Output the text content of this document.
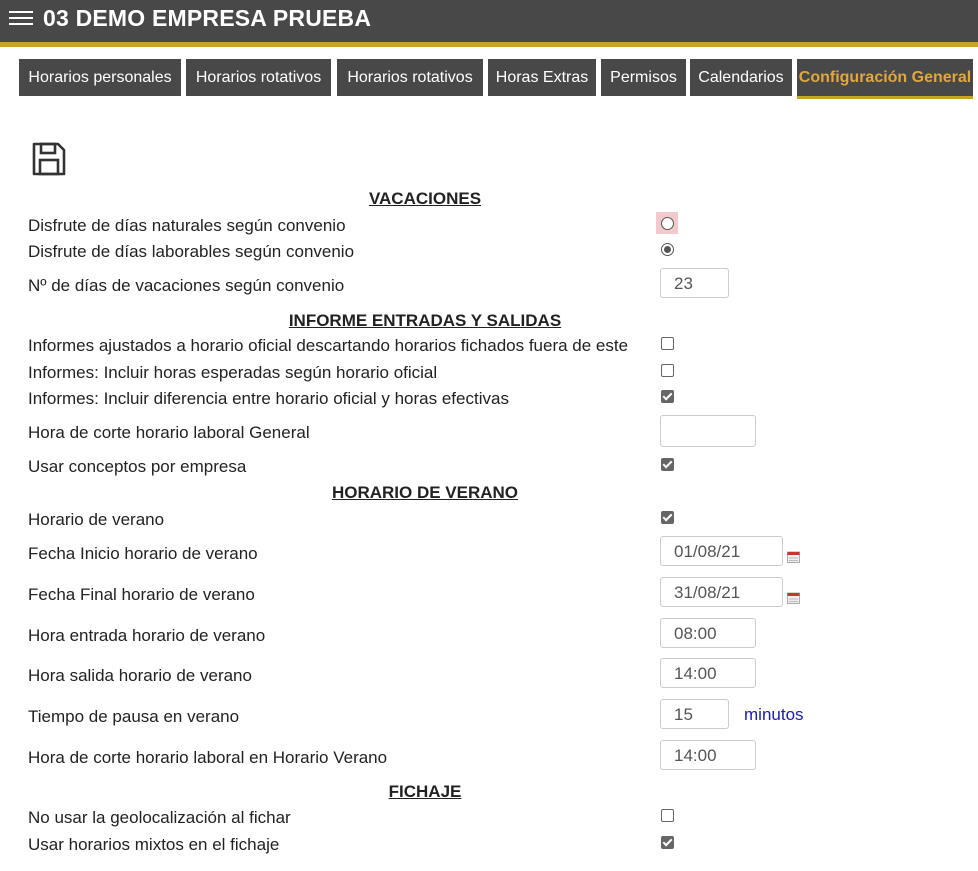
03 DEMO EMPRESA PRUEBA
Horarios personales	Horarios rotativos	Horarios rotativos	Horas Extras	Permisos	Calendarios Configuración General
VACACIONES
Disfrute de días naturales según convenio
Disfrute de días laborables según convenio
Nº de días de vacaciones según convenio	23
INFORME ENTRADAS Y SALIDAS
Informes ajustados a horario oficial descartando horarios fichados fuera de este
Informes: Incluir horas esperadas según horario oficial
Informes: Incluir diferencia entre horario oficial y horas efectivas
Hora de corte horario laboral General
Usar conceptos por empresa
HORARIO DE VERANO
Horario de verano
Fecha Inicio horario de verano	01/08/21
Fecha Final horario de verano	31/08/21
Hora entrada horario de verano	08:00
Hora salida horario de verano	14:00
Tiempo de pausa en verano	15	minutos
Hora de corte horario laboral en Horario Verano	14:00
FICHAJE
No usar la geolocalización al fichar
Usar horarios mixtos en el fichaje
